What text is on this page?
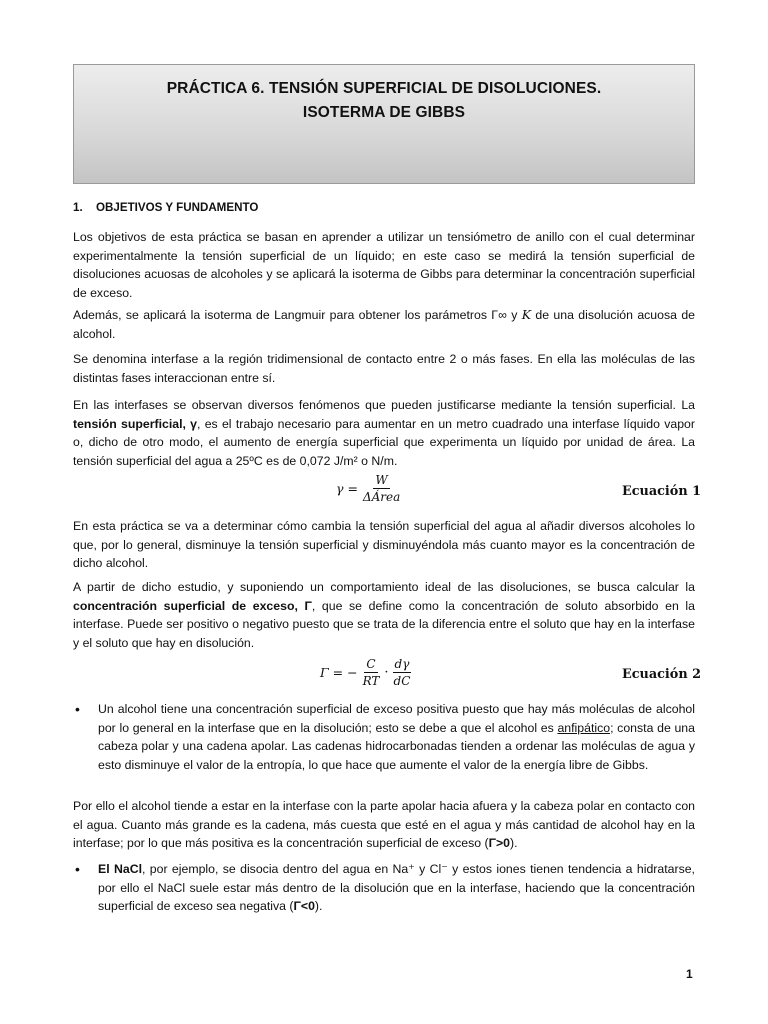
PRÁCTICA 6. TENSIÓN SUPERFICIAL DE DISOLUCIONES.
ISOTERMA DE GIBBS
1. OBJETIVOS Y FUNDAMENTO
Los objetivos de esta práctica se basan en aprender a utilizar un tensiómetro de anillo con el cual determinar experimentalmente la tensión superficial de un líquido; en este caso se medirá la tensión superficial de disoluciones acuosas de alcoholes y se aplicará la isoterma de Gibbs para determinar la concentración superficial de exceso.
Además, se aplicará la isoterma de Langmuir para obtener los parámetros Γ∞ y K de una disolución acuosa de alcohol.
Se denomina interfase a la región tridimensional de contacto entre 2 o más fases. En ella las moléculas de las distintas fases interaccionan entre sí.
En las interfases se observan diversos fenómenos que pueden justificarse mediante la tensión superficial. La tensión superficial, γ, es el trabajo necesario para aumentar en un metro cuadrado una interfase líquido vapor o, dicho de otro modo, el aumento de energía superficial que experimenta un líquido por unidad de área. La tensión superficial del agua a 25ºC es de 0,072 J/m² o N/m.
$\gamma = \frac{W}{\text{ΔÁrea}}$	Ecuación 1
En esta práctica se va a determinar cómo cambia la tensión superficial del agua al añadir diversos alcoholes lo que, por lo general, disminuye la tensión superficial y disminuyéndola más cuanto mayor es la concentración de dicho alcohol.
A partir de dicho estudio, y suponiendo un comportamiento ideal de las disoluciones, se busca calcular la concentración superficial de exceso, Γ, que se define como la concentración de soluto absorbido en la interfase. Puede ser positivo o negativo puesto que se trata de la diferencia entre el soluto que hay en la interfase y el soluto que hay en disolución.
Γ = − $\frac{C}{RT} \cdot \frac{d\gamma}{dC}$	Ecuación 2
• Un alcohol tiene una concentración superficial de exceso positiva puesto que hay más moléculas de alcohol por lo general en la interfase que en la disolución; esto se debe a que el alcohol es anfipático; consta de una cabeza polar y una cadena apolar. Las cadenas hidrocarbonadas tienden a ordenar las moléculas de agua y esto disminuye el valor de la entropía, lo que hace que aumente el valor de la energía libre de Gibbs.
Por ello el alcohol tiende a estar en la interfase con la parte apolar hacia afuera y la cabeza polar en contacto con el agua. Cuanto más grande es la cadena, más cuesta que esté en el agua y más cantidad de alcohol hay en la interfase; por lo que más positiva es la concentración superficial de exceso (Γ>0).
• El NaCl, por ejemplo, se disocia dentro del agua en Na⁺ y Cl⁻ y estos iones tienen tendencia a hidratarse, por ello el NaCl suele estar más dentro de la disolución que en la interfase, haciendo que la concentración superficial de exceso sea negativa (Γ<0).
1
